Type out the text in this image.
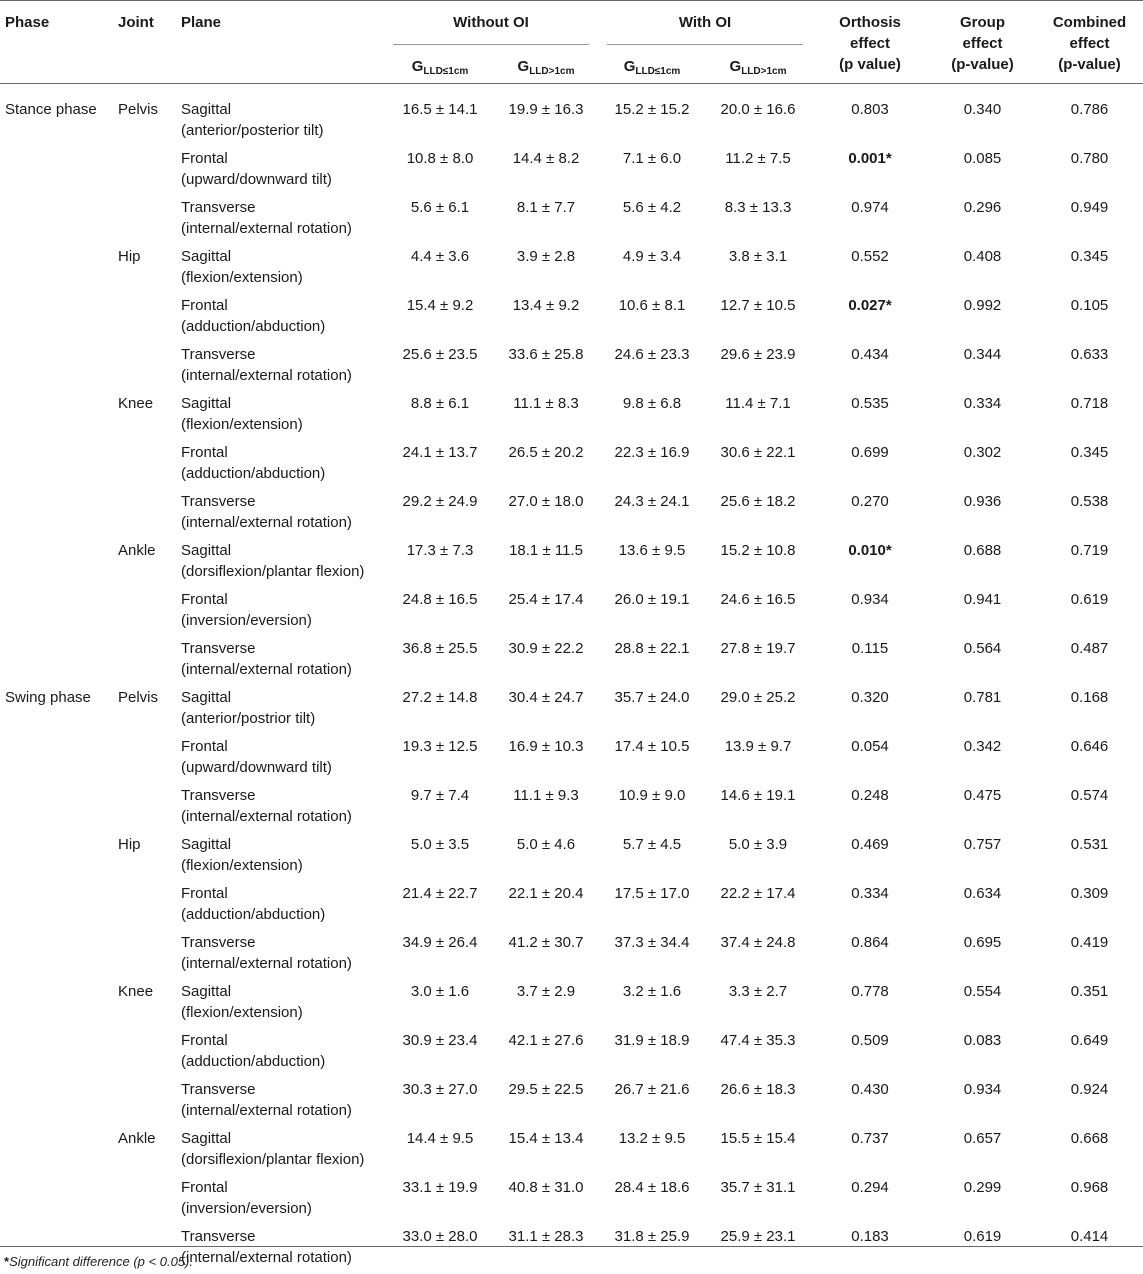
Phase	Joint	Plane	Without OI		With OI		Orthosis
effect
(p value)	Group
effect
(p-value)	Combined
effect
(p-value)

			$G_{LLD\le 1cm}$	$G_{LLD>1cm}$	$G_{LLD\le 1cm}$	$G_{LLD>1cm}$
Stance phase	Pelvis	Sagittal
(anterior/posterior tilt)	16.5 ± 14.1	19.9 ± 16.3	15.2 ± 15.2	20.0 ± 16.6	0.803	0.340	0.786

		Frontal
(upward/downward tilt)	10.8 ± 8.0	14.4 ± 8.2	7.1 ± 6.0	11.2 ± 7.5	0.001*	0.085	0.780

		Transverse
(internal/external rotation)	5.6 ± 6.1	8.1 ± 7.7	5.6 ± 4.2	8.3 ± 13.3	0.974	0.296	0.949
	Hip	Sagittal
(flexion/extension)	4.4 ± 3.6	3.9 ± 2.8	4.9 ± 3.4	3.8 ± 3.1	0.552	0.408	0.345

		Frontal
(adduction/abduction)	15.4 ± 9.2	13.4 ± 9.2	10.6 ± 8.1	12.7 ± 10.5	0.027*	0.992	0.105

		Transverse
(internal/external rotation)	25.6 ± 23.5	33.6 ± 25.8	24.6 ± 23.3	29.6 ± 23.9	0.434	0.344	0.633
	Knee	Sagittal
(flexion/extension)	8.8 ± 6.1	11.1 ± 8.3	9.8 ± 6.8	11.4 ± 7.1	0.535	0.334	0.718

		Frontal
(adduction/abduction)	24.1 ± 13.7	26.5 ± 20.2	22.3 ± 16.9	30.6 ± 22.1	0.699	0.302	0.345

		Transverse
(internal/external rotation)	29.2 ± 24.9	27.0 ± 18.0	24.3 ± 24.1	25.6 ± 18.2	0.270	0.936	0.538
	Ankle	Sagittal
(dorsiflexion/plantar flexion)	17.3 ± 7.3	18.1 ± 11.5	13.6 ± 9.5	15.2 ± 10.8	0.010*	0.688	0.719

		Frontal
(inversion/eversion)	24.8 ± 16.5	25.4 ± 17.4	26.0 ± 19.1	24.6 ± 16.5	0.934	0.941	0.619

		Transverse
(internal/external rotation)	36.8 ± 25.5	30.9 ± 22.2	28.8 ± 22.1	27.8 ± 19.7	0.115	0.564	0.487
Swing phase	Pelvis	Sagittal
(anterior/postrior tilt)	27.2 ± 14.8	30.4 ± 24.7	35.7 ± 24.0	29.0 ± 25.2	0.320	0.781	0.168

		Frontal
(upward/downward tilt)	19.3 ± 12.5	16.9 ± 10.3	17.4 ± 10.5	13.9 ± 9.7	0.054	0.342	0.646

		Transverse
(internal/external rotation)	9.7 ± 7.4	11.1 ± 9.3	10.9 ± 9.0	14.6 ± 19.1	0.248	0.475	0.574
	Hip	Sagittal
(flexion/extension)	5.0 ± 3.5	5.0 ± 4.6	5.7 ± 4.5	5.0 ± 3.9	0.469	0.757	0.531

		Frontal
(adduction/abduction)	21.4 ± 22.7	22.1 ± 20.4	17.5 ± 17.0	22.2 ± 17.4	0.334	0.634	0.309

		Transverse
(internal/external rotation)	34.9 ± 26.4	41.2 ± 30.7	37.3 ± 34.4	37.4 ± 24.8	0.864	0.695	0.419
	Knee	Sagittal
(flexion/extension)	3.0 ± 1.6	3.7 ± 2.9	3.2 ± 1.6	3.3 ± 2.7	0.778	0.554	0.351

		Frontal
(adduction/abduction)	30.9 ± 23.4	42.1 ± 27.6	31.9 ± 18.9	47.4 ± 35.3	0.509	0.083	0.649

		Transverse
(internal/external rotation)	30.3 ± 27.0	29.5 ± 22.5	26.7 ± 21.6	26.6 ± 18.3	0.430	0.934	0.924
	Ankle	Sagittal
(dorsiflexion/plantar flexion)	14.4 ± 9.5	15.4 ± 13.4	13.2 ± 9.5	15.5 ± 15.4	0.737	0.657	0.668

		Frontal
(inversion/eversion)	33.1 ± 19.9	40.8 ± 31.0	28.4 ± 18.6	35.7 ± 31.1	0.294	0.299	0.968

		Transverse
(internal/external rotation)	33.0 ± 28.0	31.1 ± 28.3	31.8 ± 25.9	25.9 ± 23.1	0.183	0.619	0.414
*Significant difference (p < 0.05).
